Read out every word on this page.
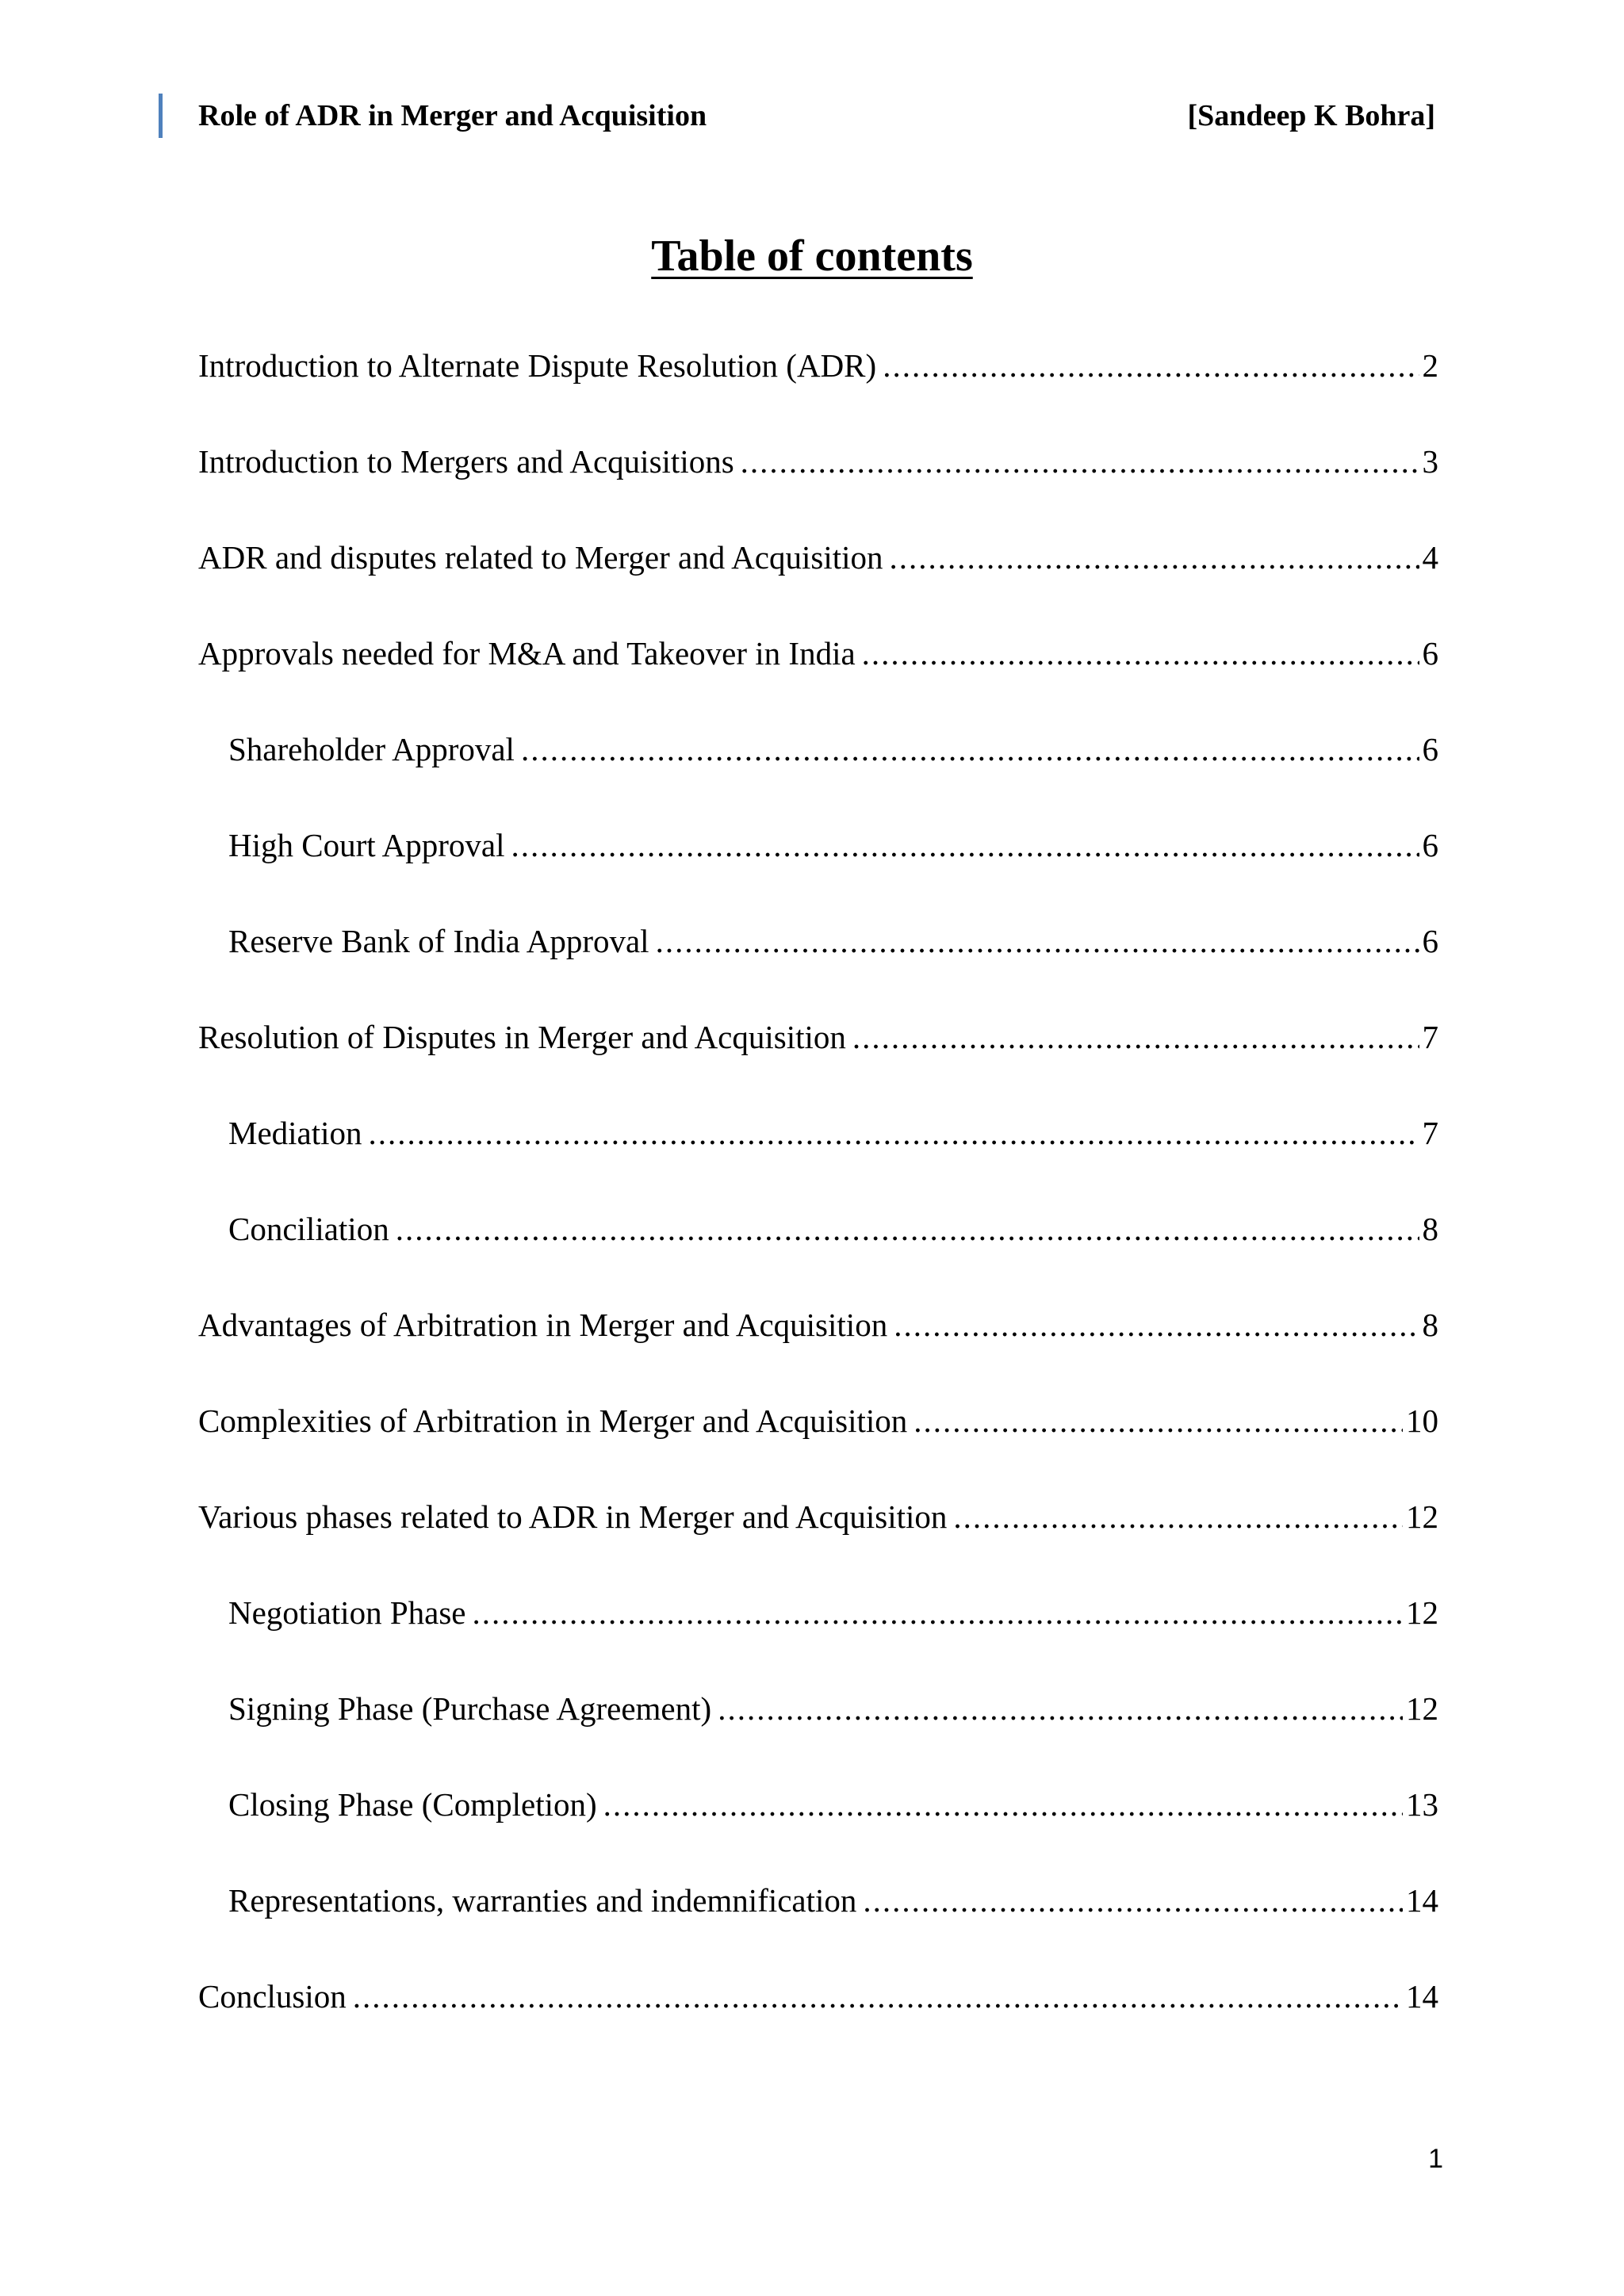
Role of ADR in Merger and Acquisition	[Sandeep K Bohra]
Table of contents
Introduction to Alternate Dispute Resolution (ADR) .....	2
Introduction to Mergers and Acquisitions .....	3
ADR and disputes related to Merger and Acquisition .....	4
Approvals needed for M&A and Takeover in India .....	6
Shareholder Approval .....	6
High Court Approval .....	6
Reserve Bank of India Approval .....	6
Resolution of Disputes in Merger and Acquisition .....	7
Mediation .....	7
Conciliation .....	8
Advantages of Arbitration in Merger and Acquisition .....	8
Complexities of Arbitration in Merger and Acquisition .....	10
Various phases related to ADR in Merger and Acquisition .....	12
Negotiation Phase .....	12
Signing Phase (Purchase Agreement) .....	12
Closing Phase (Completion) .....	13
Representations, warranties and indemnification .....	14
Conclusion .....	14
1
